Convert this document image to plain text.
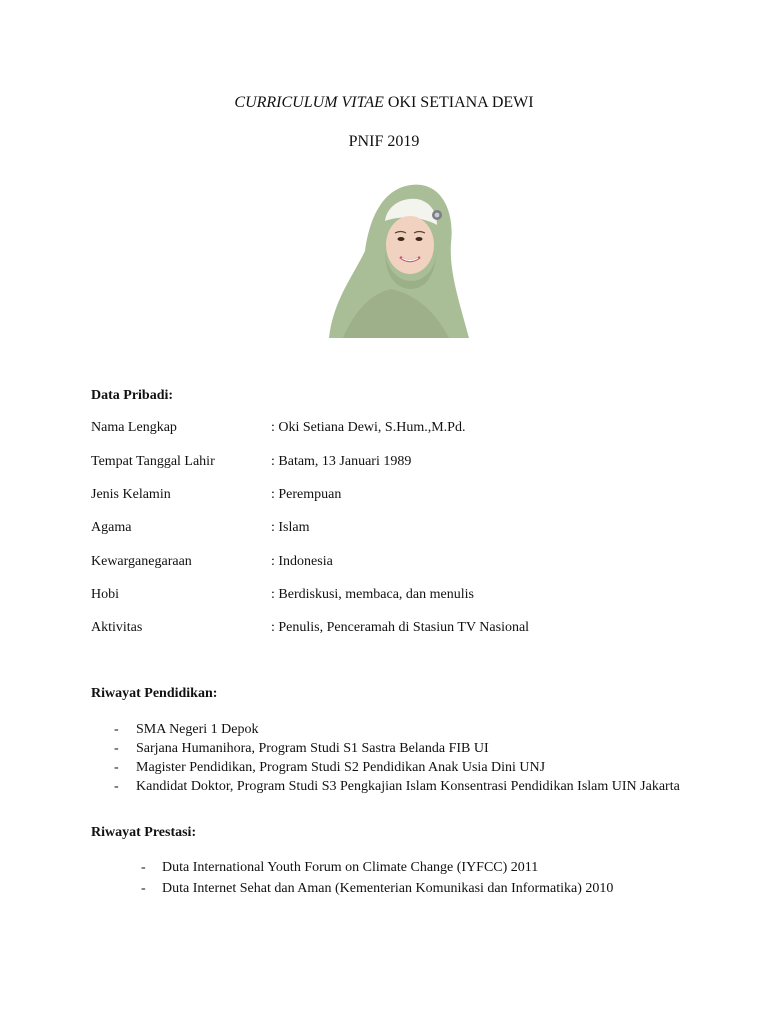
CURRICULUM VITAE OKI SETIANA DEWI
PNIF 2019
Data Pribadi:
Nama Lengkap	: Oki Setiana Dewi, S.Hum.,M.Pd.
Tempat Tanggal Lahir	: Batam, 13 Januari 1989
Jenis Kelamin	: Perempuan
Agama	: Islam
Kewarganegaraan	: Indonesia
Hobi	: Berdiskusi, membaca, dan menulis
Aktivitas	: Penulis, Penceramah di Stasiun TV Nasional
Riwayat Pendidikan:
- SMA Negeri 1 Depok
- Sarjana Humanihora, Program Studi S1 Sastra Belanda FIB UI
- Magister Pendidikan, Program Studi S2 Pendidikan Anak Usia Dini UNJ
- Kandidat Doktor, Program Studi S3 Pengkajian Islam Konsentrasi Pendidikan Islam UIN Jakarta
Riwayat Prestasi:
- Duta International Youth Forum on Climate Change (IYFCC) 2011
- Duta Internet Sehat dan Aman (Kementerian Komunikasi dan Informatika) 2010
